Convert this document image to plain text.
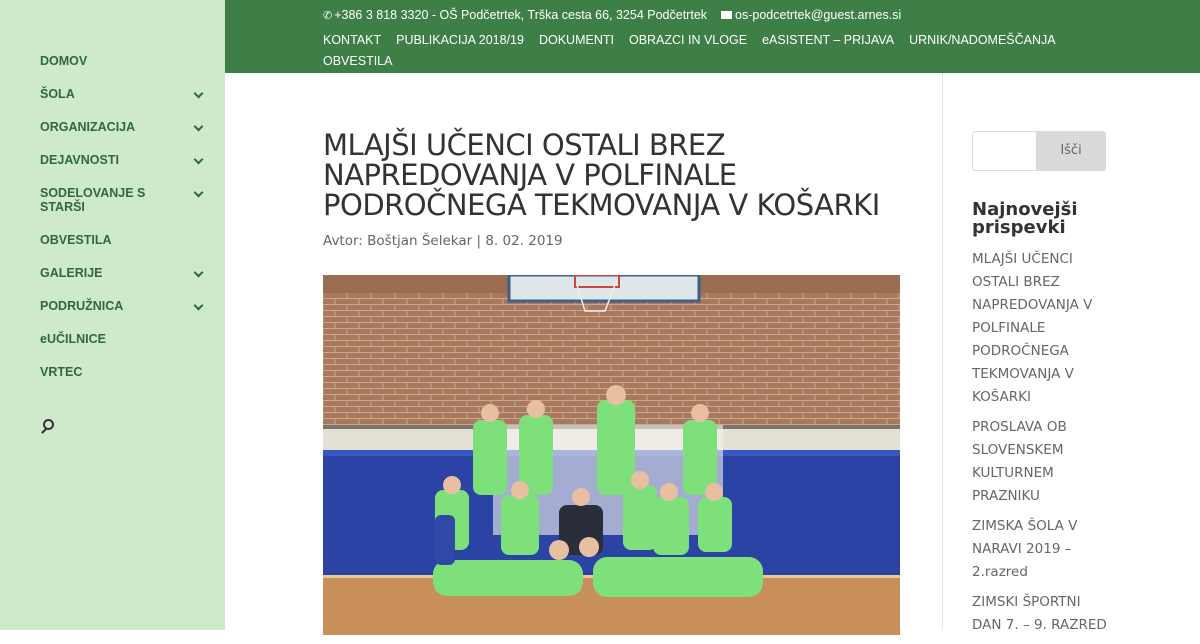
DOMOV
ŠOLA
ORGANIZACIJA
DEJAVNOSTI
SODELOVANJE S STARŠI
OBVESTILA
GALERIJE
PODRUŽNICA
eUČILNICE
VRTEC
✆ +386 3 818 3320 - OŠ Podčetrtek, Trška cesta 66, 3254 Podčetrtek os-podcetrtek@guest.arnes.si
KONTAKT PUBLIKACIJA 2018/19 DOKUMENTI OBRAZCI IN VLOGE eASISTENT – PRIJAVA URNIK/NADOMEŠČANJAOBVESTILA
MLAJŠI UČENCI OSTALI BREZ NAPREDOVANJA V POLFINALE PODROČNEGA TEKMOVANJA V KOŠARKI
Avtor: Boštjan Šelekar | 8. 02. 2019
Išči
Najnovejši prispevki
MLAJŠI UČENCI OSTALI BREZ NAPREDOVANJA V POLFINALE PODROČNEGA TEKMOVANJA V KOŠARKI
PROSLAVA OB SLOVENSKEM KULTURNEM PRAZNIKU
ZIMSKA ŠOLA V NARAVI 2019 – 2.razred
ZIMSKI ŠPORTNI DAN 7. – 9. RAZRED
